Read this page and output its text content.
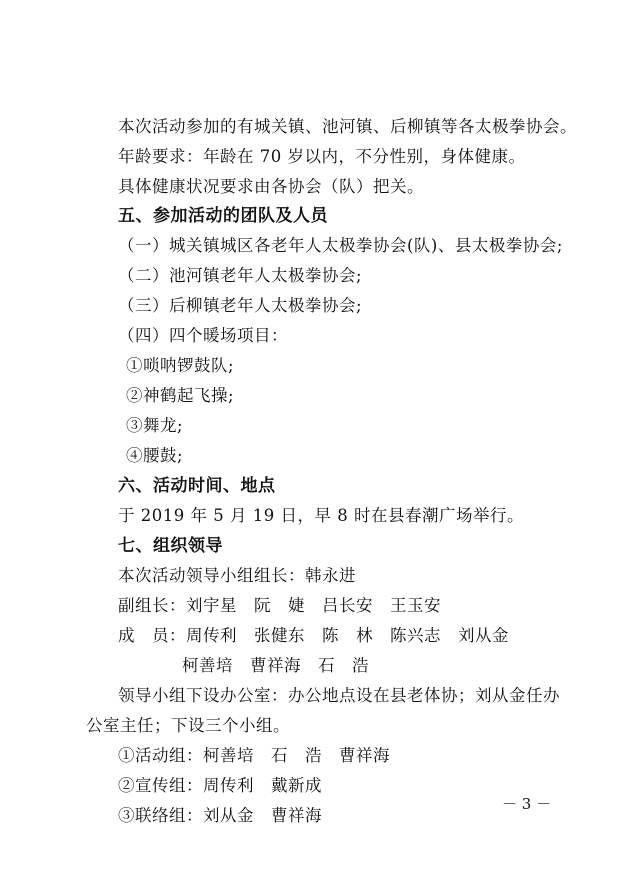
本次活动参加的有城关镇、池河镇、后柳镇等各太极拳协会。
年龄要求：年龄在 70 岁以内，不分性别，身体健康。
具体健康状况要求由各协会（队）把关。
五、参加活动的团队及人员
（一）城关镇城区各老年人太极拳协会(队)、县太极拳协会;
（二）池河镇老年人太极拳协会;
（三）后柳镇老年人太极拳协会;
（四）四个暖场项目：
①唢呐锣鼓队;
②神鹤起飞操;
③舞龙;
④腰鼓;
六、活动时间、地点
于 2019 年 5 月 19 日，早 8 时在县春潮广场举行。
七、组织领导
本次活动领导小组组长：韩永进
副组长：刘宇星　阮　婕　吕长安　王玉安
成　员：周传利　张健东　陈　林　陈兴志　刘从金
柯善培　曹祥海　石　浩
领导小组下设办公室：办公地点设在县老体协；刘从金任办
公室主任；下设三个小组。
①活动组：柯善培　石　浩　曹祥海
②宣传组：周传利　戴新成
③联络组：刘从金　曹祥海
－ 3 －
